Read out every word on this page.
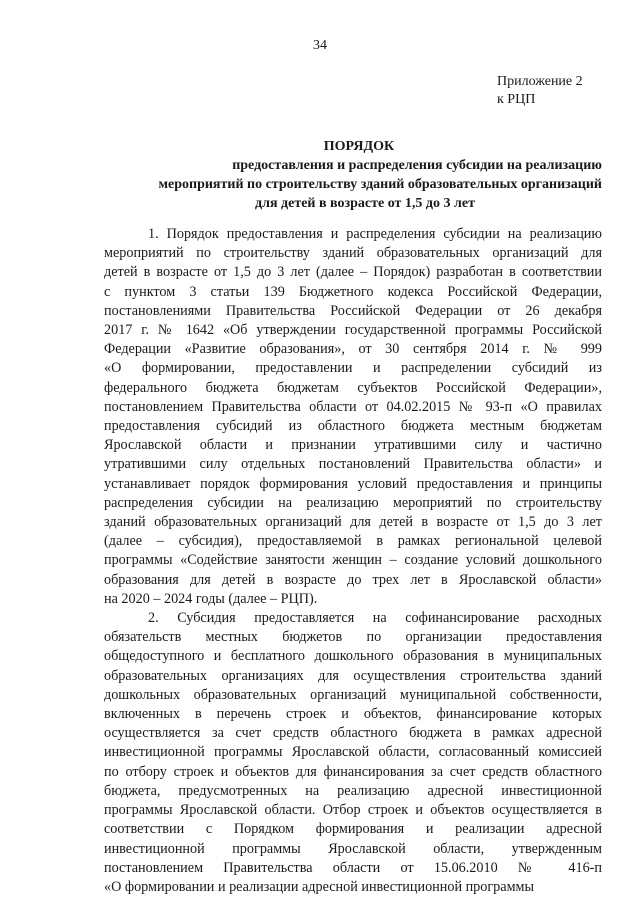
34
Приложение 2
к РЦП
ПОРЯДОК
предоставления и распределения субсидии на реализацию
мероприятий по строительству зданий образовательных организаций
для детей в возрасте от 1,5 до 3 лет
1. Порядок предоставления и распределения субсидии на реализацию
мероприятий по строительству зданий образовательных организаций для
детей в возрасте от 1,5 до 3 лет (далее – Порядок) разработан в соответствии
с пунктом 3 статьи 139 Бюджетного кодекса Российской Федерации,
постановлениями Правительства Российской Федерации от 26 декабря
2017 г. № 1642 «Об утверждении государственной программы Российской
Федерации «Развитие образования», от 30 сентября 2014 г. № 999
«О формировании, предоставлении и распределении субсидий из
федерального бюджета бюджетам субъектов Российской Федерации»,
постановлением Правительства области от 04.02.2015 № 93-п «О правилах
предоставления субсидий из областного бюджета местным бюджетам
Ярославской области и признании утратившими силу и частично
утратившими силу отдельных постановлений Правительства области» и
устанавливает порядок формирования условий предоставления и принципы
распределения субсидии на реализацию мероприятий по строительству
зданий образовательных организаций для детей в возрасте от 1,5 до 3 лет
(далее – субсидия), предоставляемой в рамках региональной целевой
программы «Содействие занятости женщин – создание условий дошкольного
образования для детей в возрасте до трех лет в Ярославской области»
на 2020 – 2024 годы (далее – РЦП).
2. Субсидия предоставляется на софинансирование расходных
обязательств местных бюджетов по организации предоставления
общедоступного и бесплатного дошкольного образования в муниципальных
образовательных организациях для осуществления строительства зданий
дошкольных образовательных организаций муниципальной собственности,
включенных в перечень строек и объектов, финансирование которых
осуществляется за счет средств областного бюджета в рамках адресной
инвестиционной программы Ярославской области, согласованный комиссией
по отбору строек и объектов для финансирования за счет средств областного
бюджета, предусмотренных на реализацию адресной инвестиционной
программы Ярославской области. Отбор строек и объектов осуществляется в
соответствии с Порядком формирования и реализации адресной
инвестиционной программы Ярославской области, утвержденным
постановлением Правительства области от 15.06.2010 № 416-п
«О формировании и реализации адресной инвестиционной программы
